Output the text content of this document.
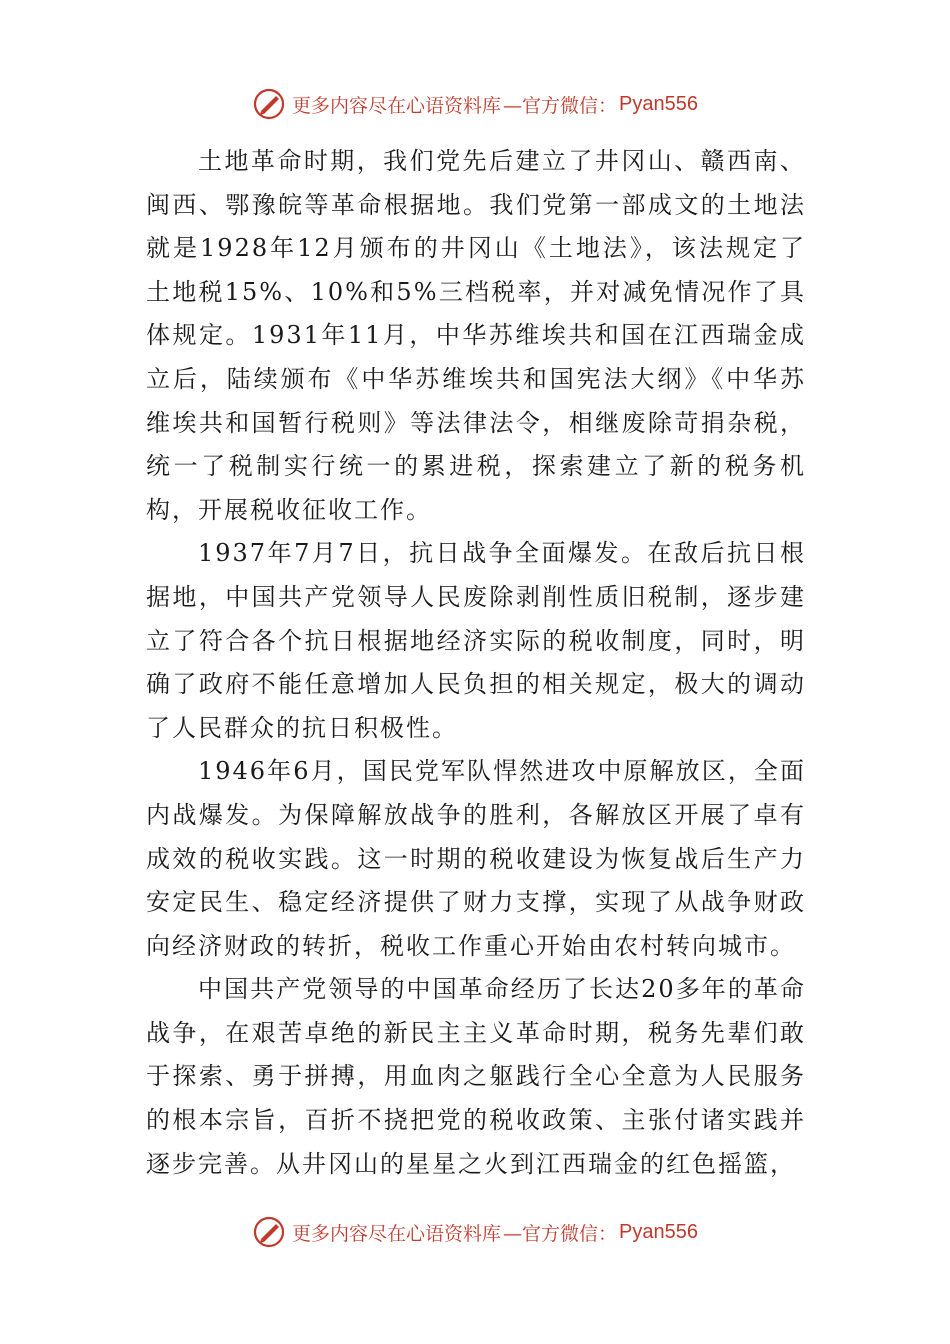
更多内容尽在心语资料库 —官方微信： Pyan556

土地革命时期，我们党先后建立了井冈山、赣西南、闽西、鄂豫皖等革命根据地。我们党第一部成文的土地法就是1928年12月颁布的井冈山《土地法》，该法规定了土地税15%、10%和5%三档税率，并对减免情况作了具体规定。1931年11月，中华苏维埃共和国在江西瑞金成立后，陆续颁布《中华苏维埃共和国宪法大纲》《中华苏维埃共和国暂行税则》等法律法令，相继废除苛捐杂税，统一了税制实行统一的累进税，探索建立了新的税务机构，开展税收征收工作。

1937年7月7日，抗日战争全面爆发。在敌后抗日根据地，中国共产党领导人民废除剥削性质旧税制，逐步建立了符合各个抗日根据地经济实际的税收制度，同时，明确了政府不能任意增加人民负担的相关规定，极大的调动了人民群众的抗日积极性。

1946年6月，国民党军队悍然进攻中原解放区，全面内战爆发。为保障解放战争的胜利，各解放区开展了卓有成效的税收实践。这一时期的税收建设为恢复战后生产力安定民生、稳定经济提供了财力支撑，实现了从战争财政向经济财政的转折，税收工作重心开始由农村转向城市。

中国共产党领导的中国革命经历了长达20多年的革命战争，在艰苦卓绝的新民主主义革命时期，税务先辈们敢于探索、勇于拼搏，用血肉之躯践行全心全意为人民服务的根本宗旨，百折不挠把党的税收政策、主张付诸实践并逐步完善。从井冈山的星星之火到江西瑞金的红色摇篮，

更多内容尽在心语资料库 —官方微信： Pyan556
